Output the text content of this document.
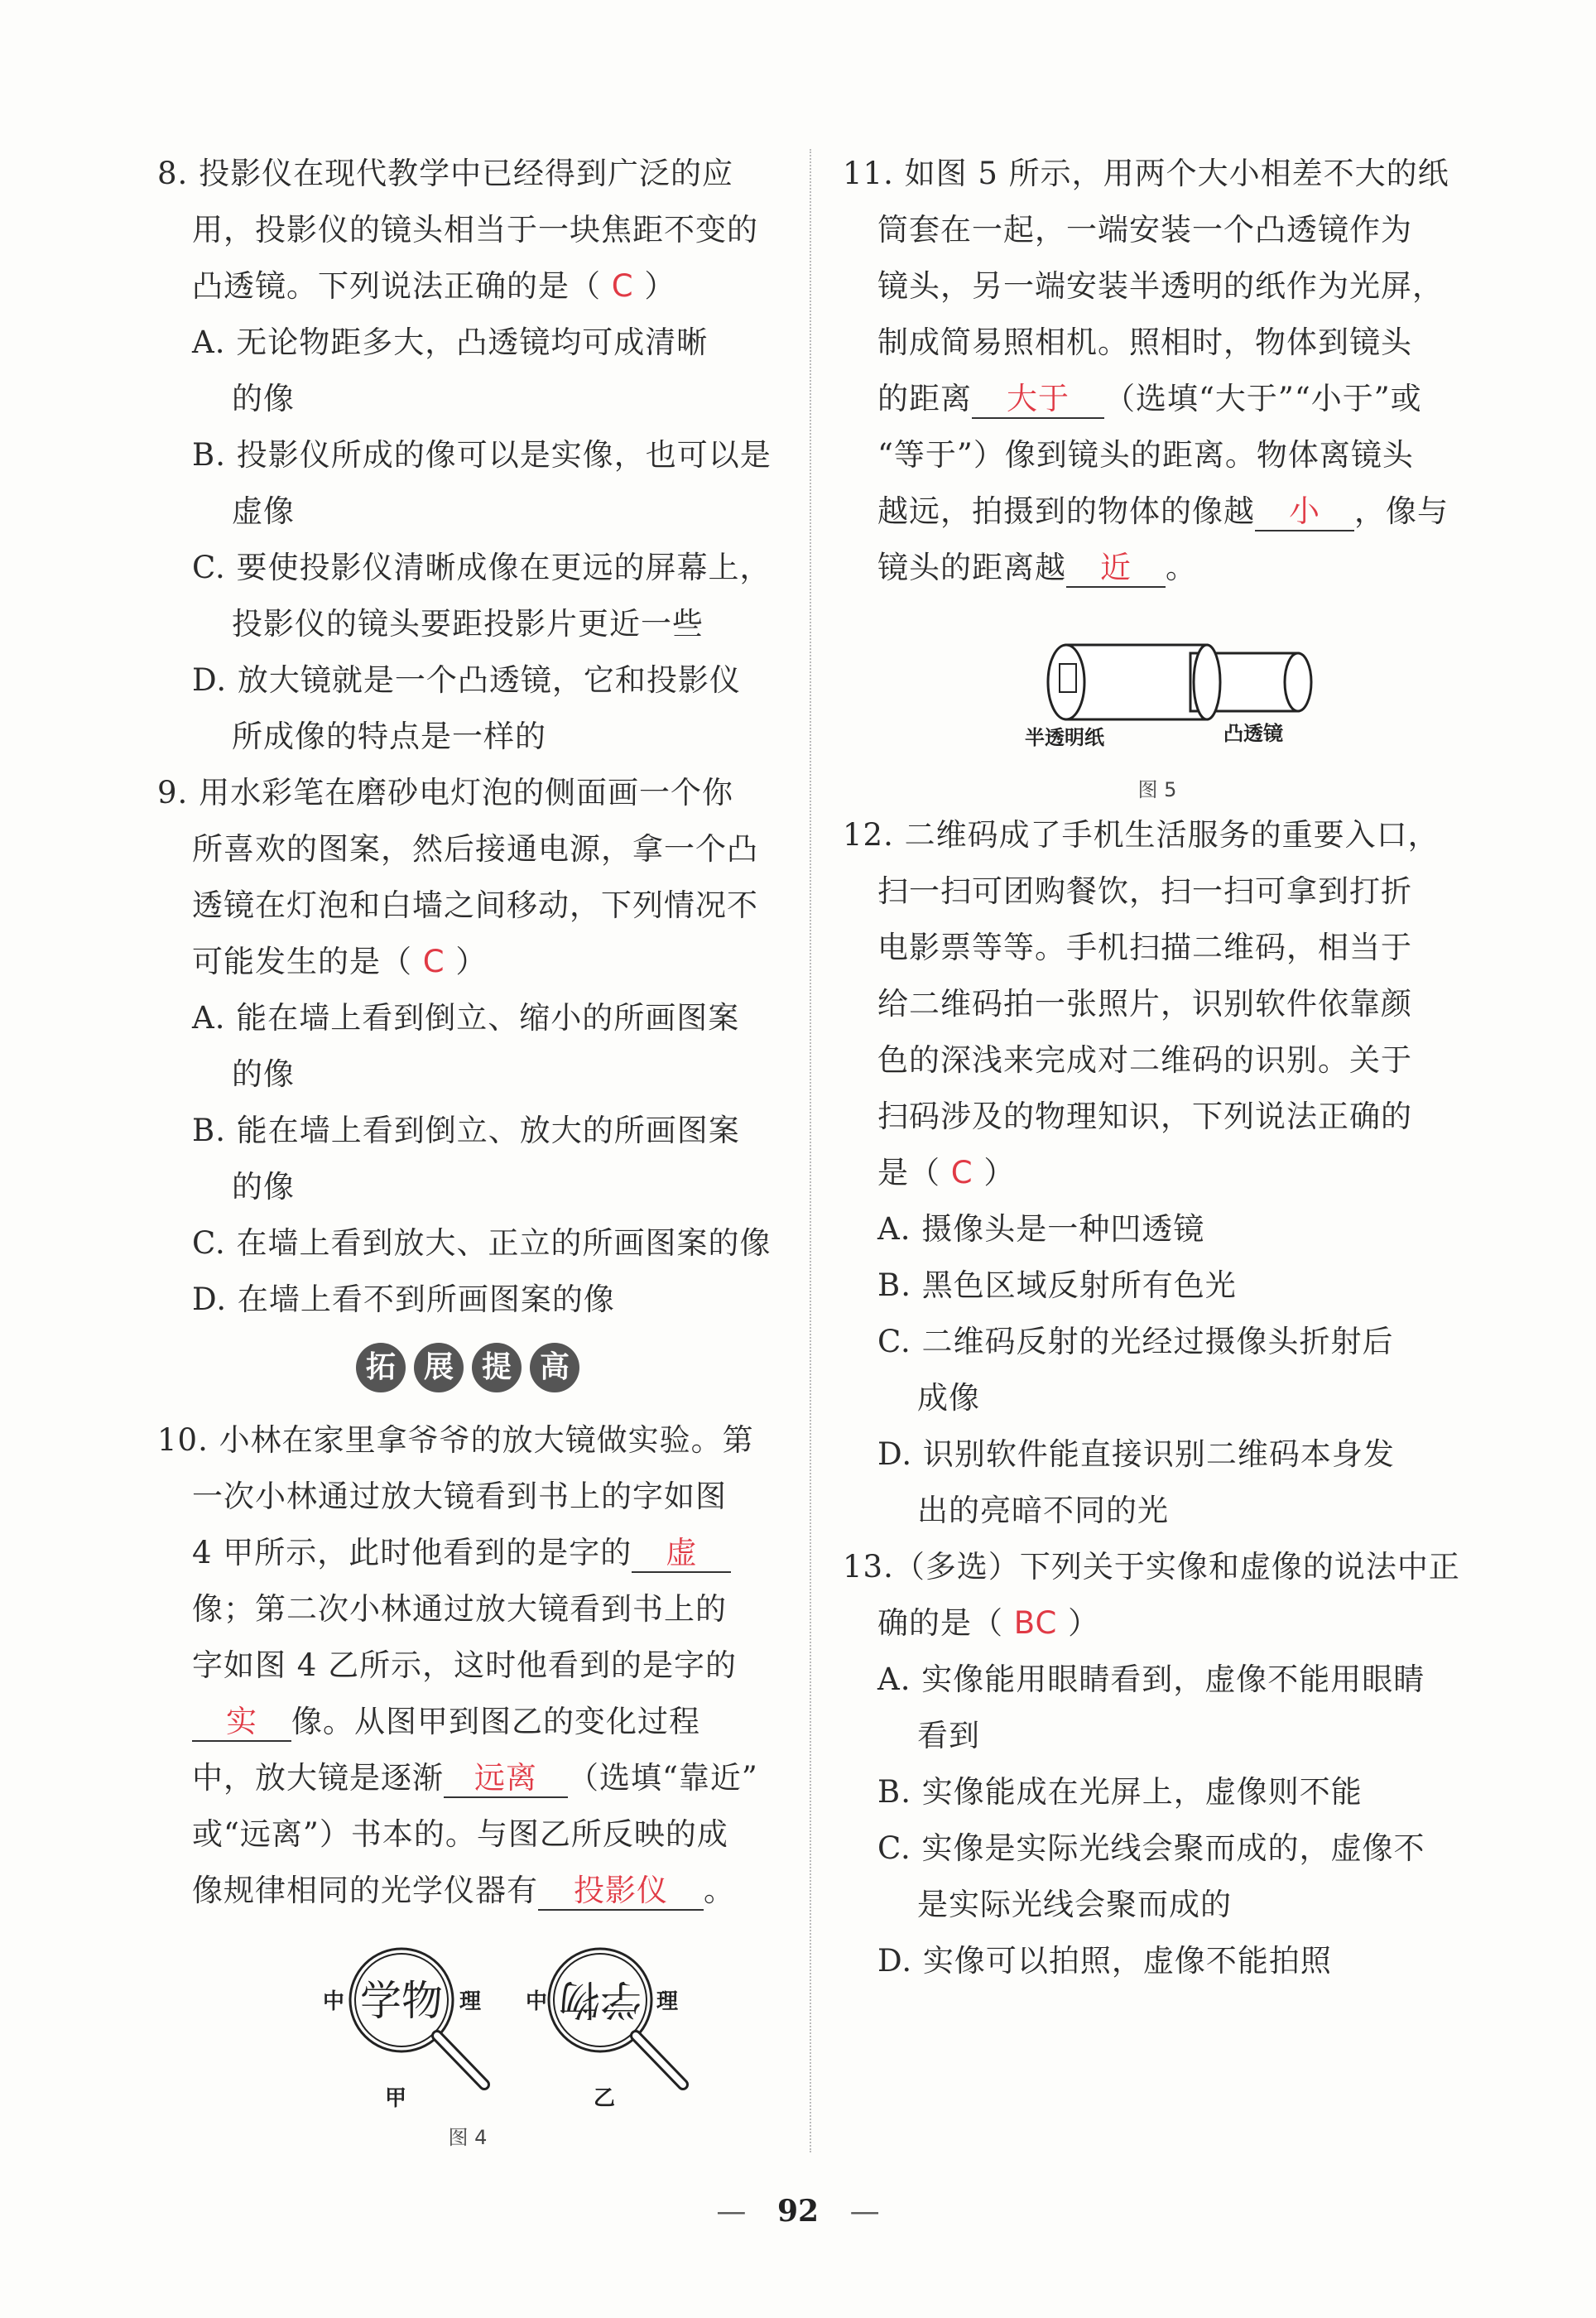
8. 投影仪在现代教学中已经得到广泛的应
用，投影仪的镜头相当于一块焦距不变的
凸透镜。下列说法正确的是（ C ）
A. 无论物距多大，凸透镜均可成清晰
的像
B. 投影仪所成的像可以是实像，也可以是
虚像
C. 要使投影仪清晰成像在更远的屏幕上，
投影仪的镜头要距投影片更近一些
D. 放大镜就是一个凸透镜，它和投影仪
所成像的特点是一样的
9. 用水彩笔在磨砂电灯泡的侧面画一个你
所喜欢的图案，然后接通电源，拿一个凸
透镜在灯泡和白墙之间移动，下列情况不
可能发生的是（ C ）
A. 能在墙上看到倒立、缩小的所画图案
的像
B. 能在墙上看到倒立、放大的所画图案
的像
C. 在墙上看到放大、正立的所画图案的像
D. 在墙上看不到所画图案的像
拓 展 提 高
10. 小林在家里拿爷爷的放大镜做实验。第
一次小林通过放大镜看到书上的字如图
4 甲所示，此时他看到的是字的 虚
像；第二次小林通过放大镜看到书上的
字如图 4 乙所示，这时他看到的是字的
实 像。从图甲到图乙的变化过程
中，放大镜是逐渐 远离 （选填“靠近”
或“远离”）书本的。与图乙所反映的成
像规律相同的光学仪器有 投影仪 。
中 学物 理 中 学物 理
甲	乙
图 4
11. 如图 5 所示，用两个大小相差不大的纸
筒套在一起，一端安装一个凸透镜作为
镜头，另一端安装半透明的纸作为光屏，
制成简易照相机。照相时，物体到镜头
的距离 大于 （选填“大于”“小于”或
“等于”）像到镜头的距离。物体离镜头
越远，拍摄到的物体的像越 小 ，像与
镜头的距离越 近 。
半透明纸	凸透镜
图 5
12. 二维码成了手机生活服务的重要入口，
扫一扫可团购餐饮，扫一扫可拿到打折
电影票等等。手机扫描二维码，相当于
给二维码拍一张照片，识别软件依靠颜
色的深浅来完成对二维码的识别。关于
扫码涉及的物理知识，下列说法正确的
是（ C ）
A. 摄像头是一种凹透镜
B. 黑色区域反射所有色光
C. 二维码反射的光经过摄像头折射后
成像
D. 识别软件能直接识别二维码本身发
出的亮暗不同的光
13.（多选）下列关于实像和虚像的说法中正
确的是（ BC ）
A. 实像能用眼睛看到，虚像不能用眼睛
看到
B. 实像能成在光屏上，虚像则不能
C. 实像是实际光线会聚而成的，虚像不
是实际光线会聚而成的
D. 实像可以拍照，虚像不能拍照
— 92 —
